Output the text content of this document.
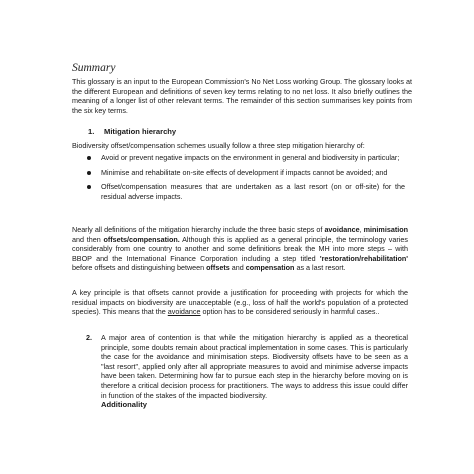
Summary
This glossary is an input to the European Commission's No Net Loss working Group. The glossary looks at the different European and definitions of seven key terms relating to no net loss. It also briefly outlines the meaning of a longer list of other relevant terms. The remainder of this section summarises key points from the six key terms.
1. Mitigation hierarchy
Biodiversity offset/compensation schemes usually follow a three step mitigation hierarchy of:
Avoid or prevent negative impacts on the environment in general and biodiversity in particular;
Minimise and rehabilitate on-site effects of development if impacts cannot be avoided; and
Offset/compensation measures that are undertaken as a last resort (on or off-site) for the residual adverse impacts.
Nearly all definitions of the mitigation hierarchy include the three basic steps of avoidance, minimisation and then offsets/compensation. Although this is applied as a general principle, the terminology varies considerably from one country to another and some definitions break the MH into more steps – with BBOP and the International Finance Corporation including a step titled 'restoration/rehabilitation' before offsets and distinguishing between offsets and compensation as a last resort.
A key principle is that offsets cannot provide a justification for proceeding with projects for which the residual impacts on biodiversity are unacceptable (e.g., loss of half the world's population of a protected species). This means that the avoidance option has to be considered seriously in harmful cases..
2. A major area of contention is that while the mitigation hierarchy is applied as a theoretical principle, some doubts remain about practical implementation in some cases. This is particularly the case for the avoidance and minimisation steps. Biodiversity offsets have to be seen as a "last resort", applied only after all appropriate measures to avoid and minimise adverse impacts have been taken. Determining how far to pursue each step in the hierarchy before moving on is therefore a critical decision process for practitioners. The ways to address this issue could differ in function of the stakes of the impacted biodiversity.
Additionality
